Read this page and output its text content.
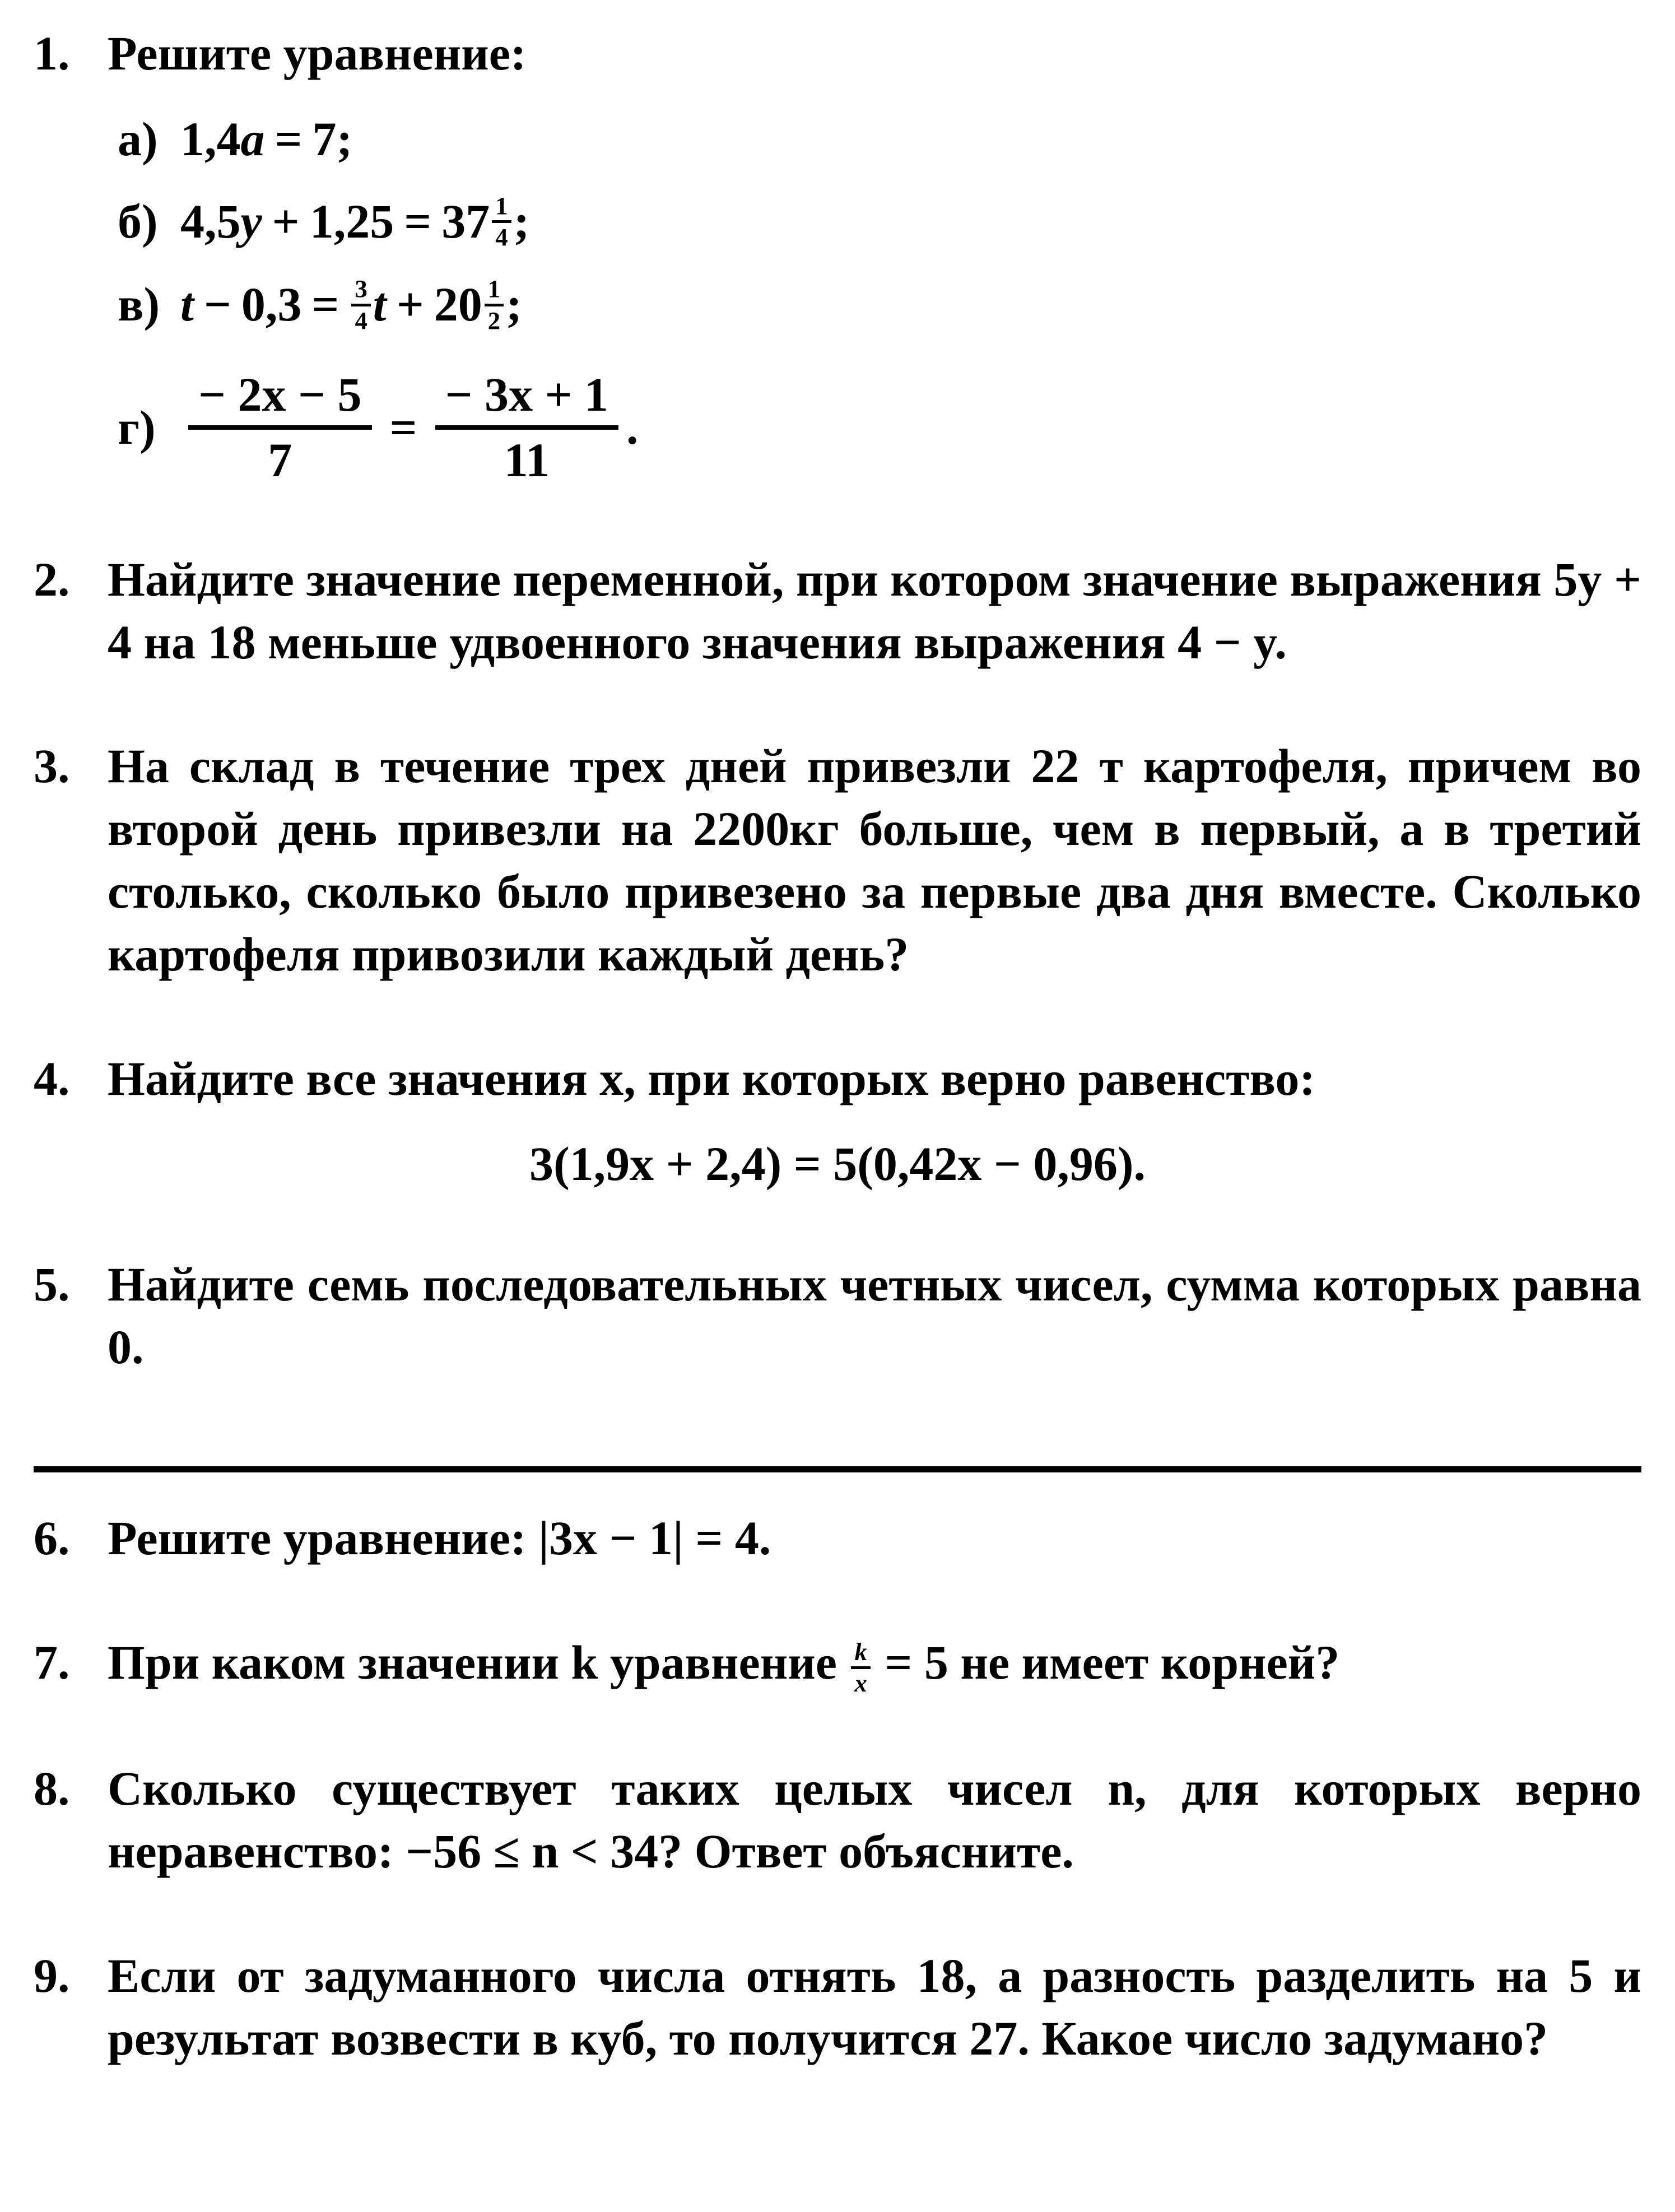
1. Решите уравнение:
а) 1,4 a = 7;
б) 4,5 y + 1,25 = 37 1
4 ;
в) t − 0,3 = 3
4 t + 20 1
2 ;
г)
− 2x − 5
7
=
− 3x + 1
11
.
2. Найдите значение переменной, при котором значение выражения 5y + 4 на 18 меньше удвоенного значения выражения 4 − y.
3. На склад в течение трех дней привезли 22 т картофеля, причем во второй день привезли на 2200кг больше, чем в первый, а в третий столько, сколько было привезено за первые два дня вместе. Сколько картофеля привозили каждый день?
4. Найдите все значения x, при которых верно равенство:
3(1,9x + 2,4) = 5(0,42x − 0,96).
5. Найдите семь последовательных четных чисел, сумма которых равна 0.
6. Решите уравнение: |3x − 1| = 4.
7. При каком значении k уравнение k
x = 5 не имеет корней?
8. Сколько существует таких целых чисел n, для которых верно неравенство: −56 ≤ n < 34? Ответ объясните.
9. Если от задуманного числа отнять 18, а разность разделить на 5 и результат возвести в куб, то получится 27. Какое число задумано?
